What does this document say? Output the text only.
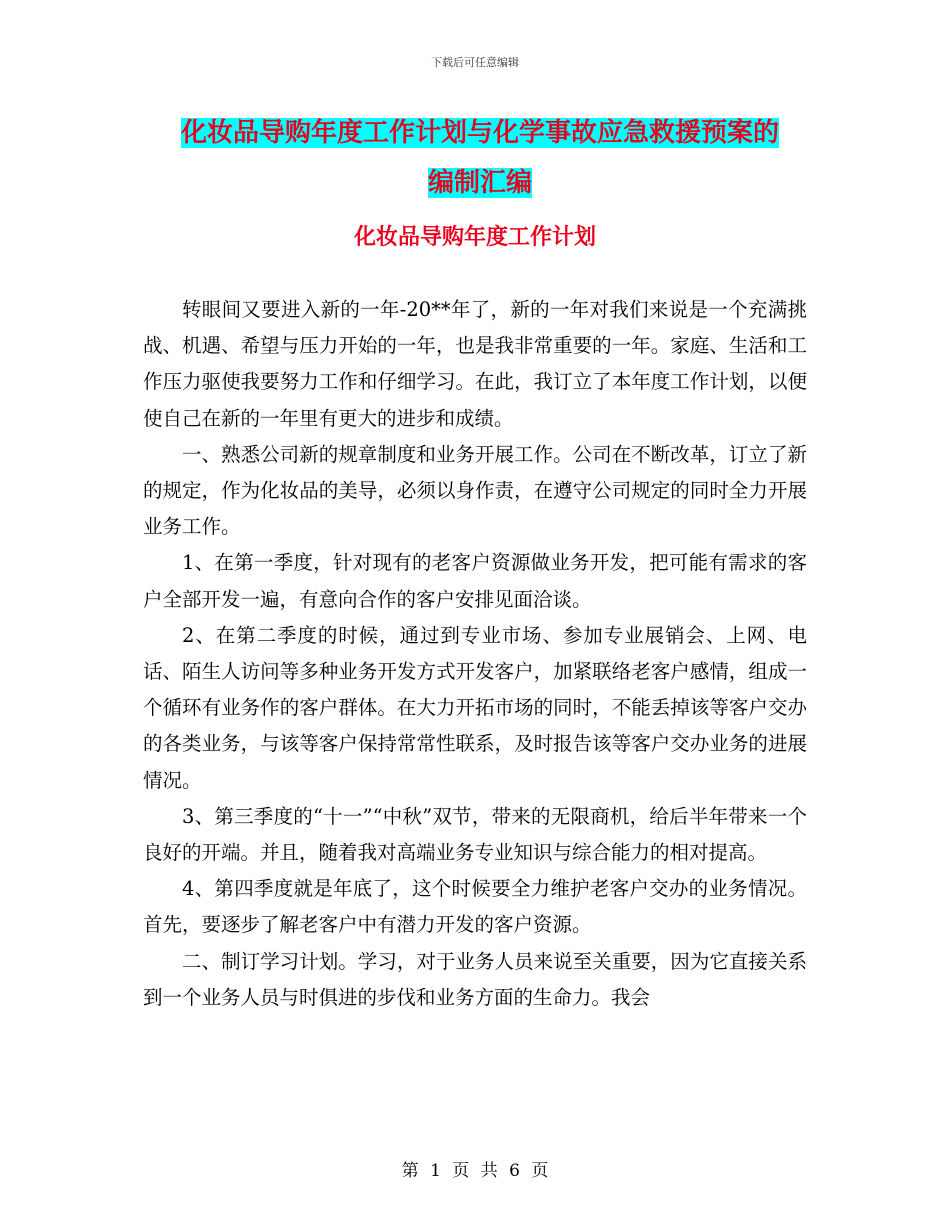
下载后可任意编辑
化妆品导购年度工作计划与化学事故应急救援预案的
编制汇编
化妆品导购年度工作计划

转眼间又要进入新的一年-20**年了，新的一年对我们来说是一个充满挑战、机遇、希望与压力开始的一年，也是我非常重要的一年。家庭、生活和工作压力驱使我要努力工作和仔细学习。在此，我订立了本年度工作计划，以便使自己在新的一年里有更大的进步和成绩。

一、熟悉公司新的规章制度和业务开展工作。公司在不断改革，订立了新的规定，作为化妆品的美导，必须以身作责，在遵守公司规定的同时全力开展业务工作。

1、在第一季度，针对现有的老客户资源做业务开发，把可能有需求的客户全部开发一遍，有意向合作的客户安排见面洽谈。

2、在第二季度的时候，通过到专业市场、参加专业展销会、上网、电话、陌生人访问等多种业务开发方式开发客户，加紧联络老客户感情，组成一个循环有业务作的客户群体。在大力开拓市场的同时，不能丢掉该等客户交办的各类业务，与该等客户保持常常性联系，及时报告该等客户交办业务的进展情况。

3、第三季度的“十一”“中秋”双节，带来的无限商机，给后半年带来一个良好的开端。并且，随着我对高端业务专业知识与综合能力的相对提高。

4、第四季度就是年底了，这个时候要全力维护老客户交办的业务情况。首先，要逐步了解老客户中有潜力开发的客户资源。

二、制订学习计划。学习，对于业务人员来说至关重要，因为它直接关系到一个业务人员与时俱进的步伐和业务方面的生命力。我会

第 1 页 共 6 页
